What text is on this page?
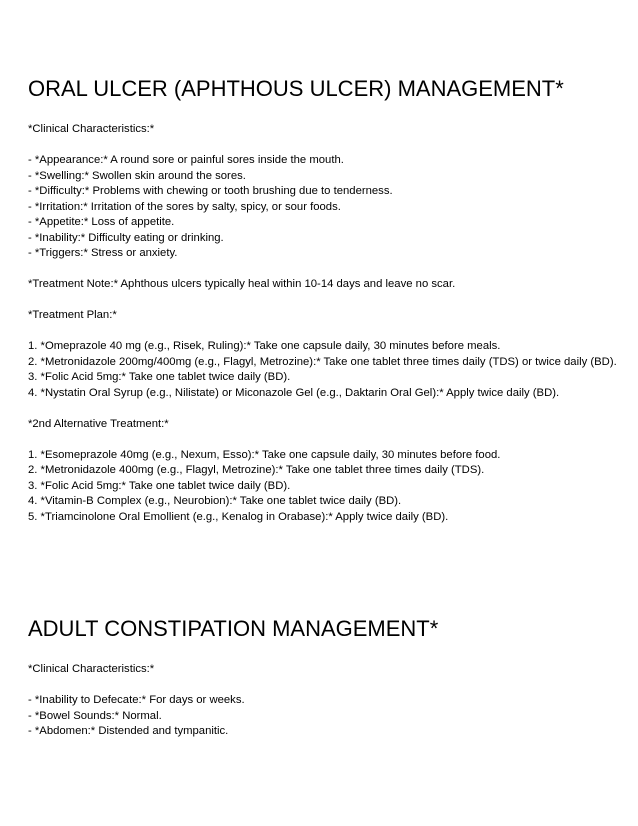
ORAL ULCER (APHTHOUS ULCER) MANAGEMENT*

*Clinical Characteristics:*

- *Appearance:* A round sore or painful sores inside the mouth.
- *Swelling:* Swollen skin around the sores.
- *Difficulty:* Problems with chewing or tooth brushing due to tenderness.
- *Irritation:* Irritation of the sores by salty, spicy, or sour foods.
- *Appetite:* Loss of appetite.
- *Inability:* Difficulty eating or drinking.
- *Triggers:* Stress or anxiety.

*Treatment Note:* Aphthous ulcers typically heal within 10-14 days and leave no scar.

*Treatment Plan:*

1. *Omeprazole 40 mg (e.g., Risek, Ruling):* Take one capsule daily, 30 minutes before meals.
2. *Metronidazole 200mg/400mg (e.g., Flagyl, Metrozine):* Take one tablet three times daily (TDS) or twice daily (BD).
3. *Folic Acid 5mg:* Take one tablet twice daily (BD).
4. *Nystatin Oral Syrup (e.g., Nilistate) or Miconazole Gel (e.g., Daktarin Oral Gel):* Apply twice daily (BD).

*2nd Alternative Treatment:*

1. *Esomeprazole 40mg (e.g., Nexum, Esso):* Take one capsule daily, 30 minutes before food.
2. *Metronidazole 400mg (e.g., Flagyl, Metrozine):* Take one tablet three times daily (TDS).
3. *Folic Acid 5mg:* Take one tablet twice daily (BD).
4. *Vitamin-B Complex (e.g., Neurobion):* Take one tablet twice daily (BD).
5. *Triamcinolone Oral Emollient (e.g., Kenalog in Orabase):* Apply twice daily (BD).
ADULT CONSTIPATION MANAGEMENT*

*Clinical Characteristics:*

- *Inability to Defecate:* For days or weeks.
- *Bowel Sounds:* Normal.
- *Abdomen:* Distended and tympanitic.
